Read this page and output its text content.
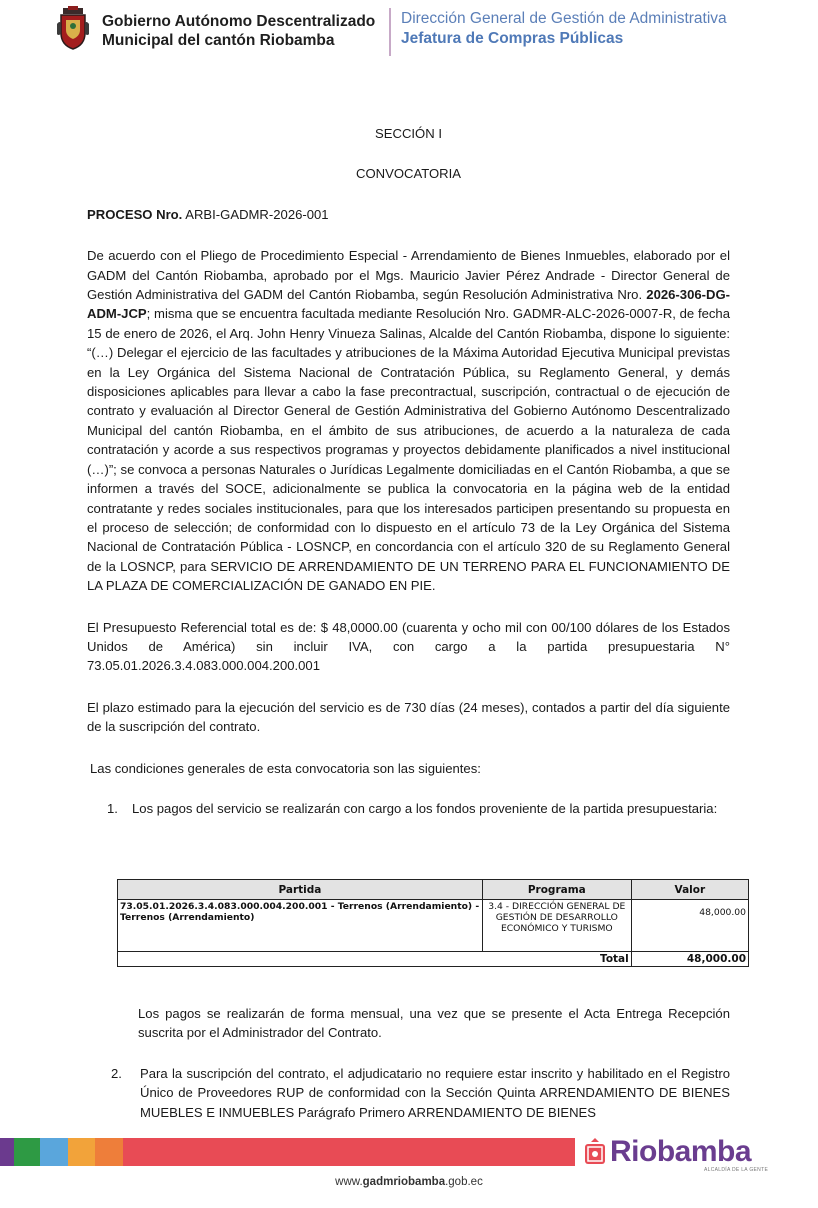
Gobierno Autónomo Descentralizado
Municipal del cantón Riobamba
Dirección General de Gestión de Administrativa
Jefatura de Compras Públicas

SECCIÓN I

CONVOCATORIA

PROCESO Nro. ARBI-GADMR-2026-001

De acuerdo con el Pliego de Procedimiento Especial - Arrendamiento de Bienes Inmuebles, elaborado por el GADM del Cantón Riobamba, aprobado por el Mgs. Mauricio Javier Pérez Andrade - Director General de Gestión Administrativa del GADM del Cantón Riobamba, según Resolución Administrativa Nro. 2026-306-DG-ADM-JCP; misma que se encuentra facultada mediante Resolución Nro. GADMR-ALC-2026-0007-R, de fecha 15 de enero de 2026, el Arq. John Henry Vinueza Salinas, Alcalde del Cantón Riobamba, dispone lo siguiente: “(…) Delegar el ejercicio de las facultades y atribuciones de la Máxima Autoridad Ejecutiva Municipal previstas en la Ley Orgánica del Sistema Nacional de Contratación Pública, su Reglamento General, y demás disposiciones aplicables para llevar a cabo la fase precontractual, suscripción, contractual o de ejecución de contrato y evaluación al Director General de Gestión Administrativa del Gobierno Autónomo Descentralizado Municipal del cantón Riobamba, en el ámbito de sus atribuciones, de acuerdo a la naturaleza de cada contratación y acorde a sus respectivos programas y proyectos debidamente planificados a nivel institucional (…)”; se convoca a personas Naturales o Jurídicas Legalmente domiciliadas en el Cantón Riobamba, a que se informen a través del SOCE, adicionalmente se publica la convocatoria en la página web de la entidad contratante y redes sociales institucionales, para que los interesados participen presentando su propuesta en el proceso de selección; de conformidad con lo dispuesto en el artículo 73 de la Ley Orgánica del Sistema Nacional de Contratación Pública - LOSNCP, en concordancia con el artículo 320 de su Reglamento General de la LOSNCP, para SERVICIO DE ARRENDAMIENTO DE UN TERRENO PARA EL FUNCIONAMIENTO DE LA PLAZA DE COMERCIALIZACIÓN DE GANADO EN PIE.

El Presupuesto Referencial total es de: $ 48,0000.00 (cuarenta y ocho mil con 00/100 dólares de los Estados Unidos de América) sin incluir IVA, con cargo a la partida presupuestaria N° 73.05.01.2026.3.4.083.000.004.200.001

El plazo estimado para la ejecución del servicio es de 730 días (24 meses), contados a partir del día siguiente de la suscripción del contrato.

Las condiciones generales de esta convocatoria son las siguientes:

1. Los pagos del servicio se realizarán con cargo a los fondos proveniente de la partida presupuestaria:
Partida	Programa	Valor
73.05.01.2026.3.4.083.000.004.200.001 - Terrenos (Arrendamiento) - Terrenos (Arrendamiento)	3.4 - DIRECCIÓN GENERAL DE GESTIÓN DE DESARROLLO ECONÓMICO Y TURISMO	48,000.00
Total		48,000.00

Los pagos se realizarán de forma mensual, una vez que se presente el Acta Entrega Recepción suscrita por el Administrador del Contrato.

2. Para la suscripción del contrato, el adjudicatario no requiere estar inscrito y habilitado en el Registro Único de Proveedores RUP de conformidad con la Sección Quinta ARRENDAMIENTO DE BIENES MUEBLES E INMUEBLES Parágrafo Primero ARRENDAMIENTO DE BIENES

Riobamba
ALCALDÍA DE LA GENTE
www.gadmriobamba.gob.ec
